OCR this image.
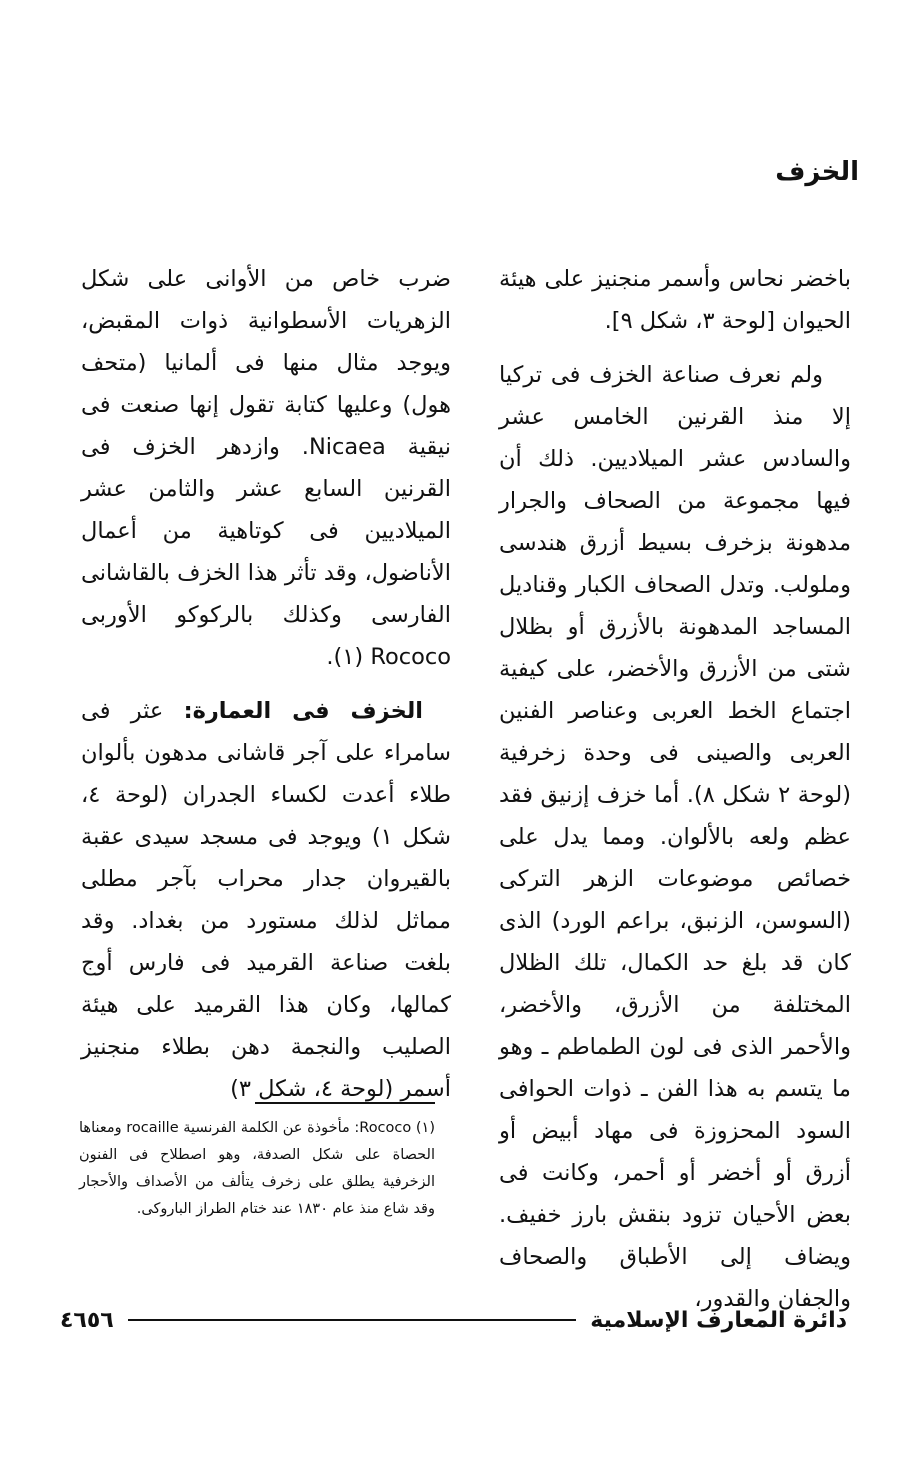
الخزف

باخضر نحاس وأسمر منجنيز على هيئة الحيوان [لوحة ٣، شكل ٩].

ولم نعرف صناعة الخزف فى تركيا إلا منذ القرنين الخامس عشر والسادس عشر الميلاديين. ذلك أن فيها مجموعة من الصحاف والجرار مدهونة بزخرف بسيط أزرق هندسى وملولب. وتدل الصحاف الكبار وقناديل المساجد المدهونة بالأزرق أو بظلال شتى من الأزرق والأخضر، على كيفية اجتماع الخط العربى وعناصر الفنين العربى والصينى فى وحدة زخرفية (لوحة ٢ شكل ٨). أما خزف إزنيق فقد عظم ولعه بالألوان. ومما يدل على خصائص موضوعات الزهر التركى (السوسن، الزنبق، براعم الورد) الذى كان قد بلغ حد الكمال، تلك الظلال المختلفة من الأزرق، والأخضر، والأحمر الذى فى لون الطماطم ـ وهو ما يتسم به هذا الفن ـ ذوات الحوافى السود المحزوزة فى مهاد أبيض أو أزرق أو أخضر أو أحمر، وكانت فى بعض الأحيان تزود بنقش بارز خفيف. ويضاف إلى الأطباق والصحاف والجفان والقدور،

ضرب خاص من الأوانى على شكل الزهريات الأسطوانية ذوات المقبض، ويوجد مثال منها فى ألمانيا (متحف هول) وعليها كتابة تقول إنها صنعت فى نيقية Nicaea. وازدهر الخزف فى القرنين السابع عشر والثامن عشر الميلاديين فى كوتاهية من أعمال الأناضول، وقد تأثر هذا الخزف بالقاشانى الفارسى وكذلك بالركوكو الأوربى Rococo (١).

الخزف فى العمارة: عثر فى سامراء على آجر قاشانى مدهون بألوان طلاء أعدت لكساء الجدران (لوحة ٤، شكل ١) ويوجد فى مسجد سيدى عقبة بالقيروان جدار محراب بآجر مطلى مماثل لذلك مستورد من بغداد. وقد بلغت صناعة القرميد فى فارس أوج كمالها، وكان هذا القرميد على هيئة الصليب والنجمة دهن بطلاء منجنيز أسمر (لوحة ٤، شكل ٣)

(١) Rococo: مأخوذة عن الكلمة الفرنسية rocaille ومعناها الحصاة على شكل الصدفة، وهو اصطلاح فى الفنون الزخرفية يطلق على زخرف يتألف من الأصداف والأحجار وقد شاع منذ عام ١٨٣٠ عند ختام الطراز الباروكى.

٤٦٥٦	دائرة المعارف الإسلامية
